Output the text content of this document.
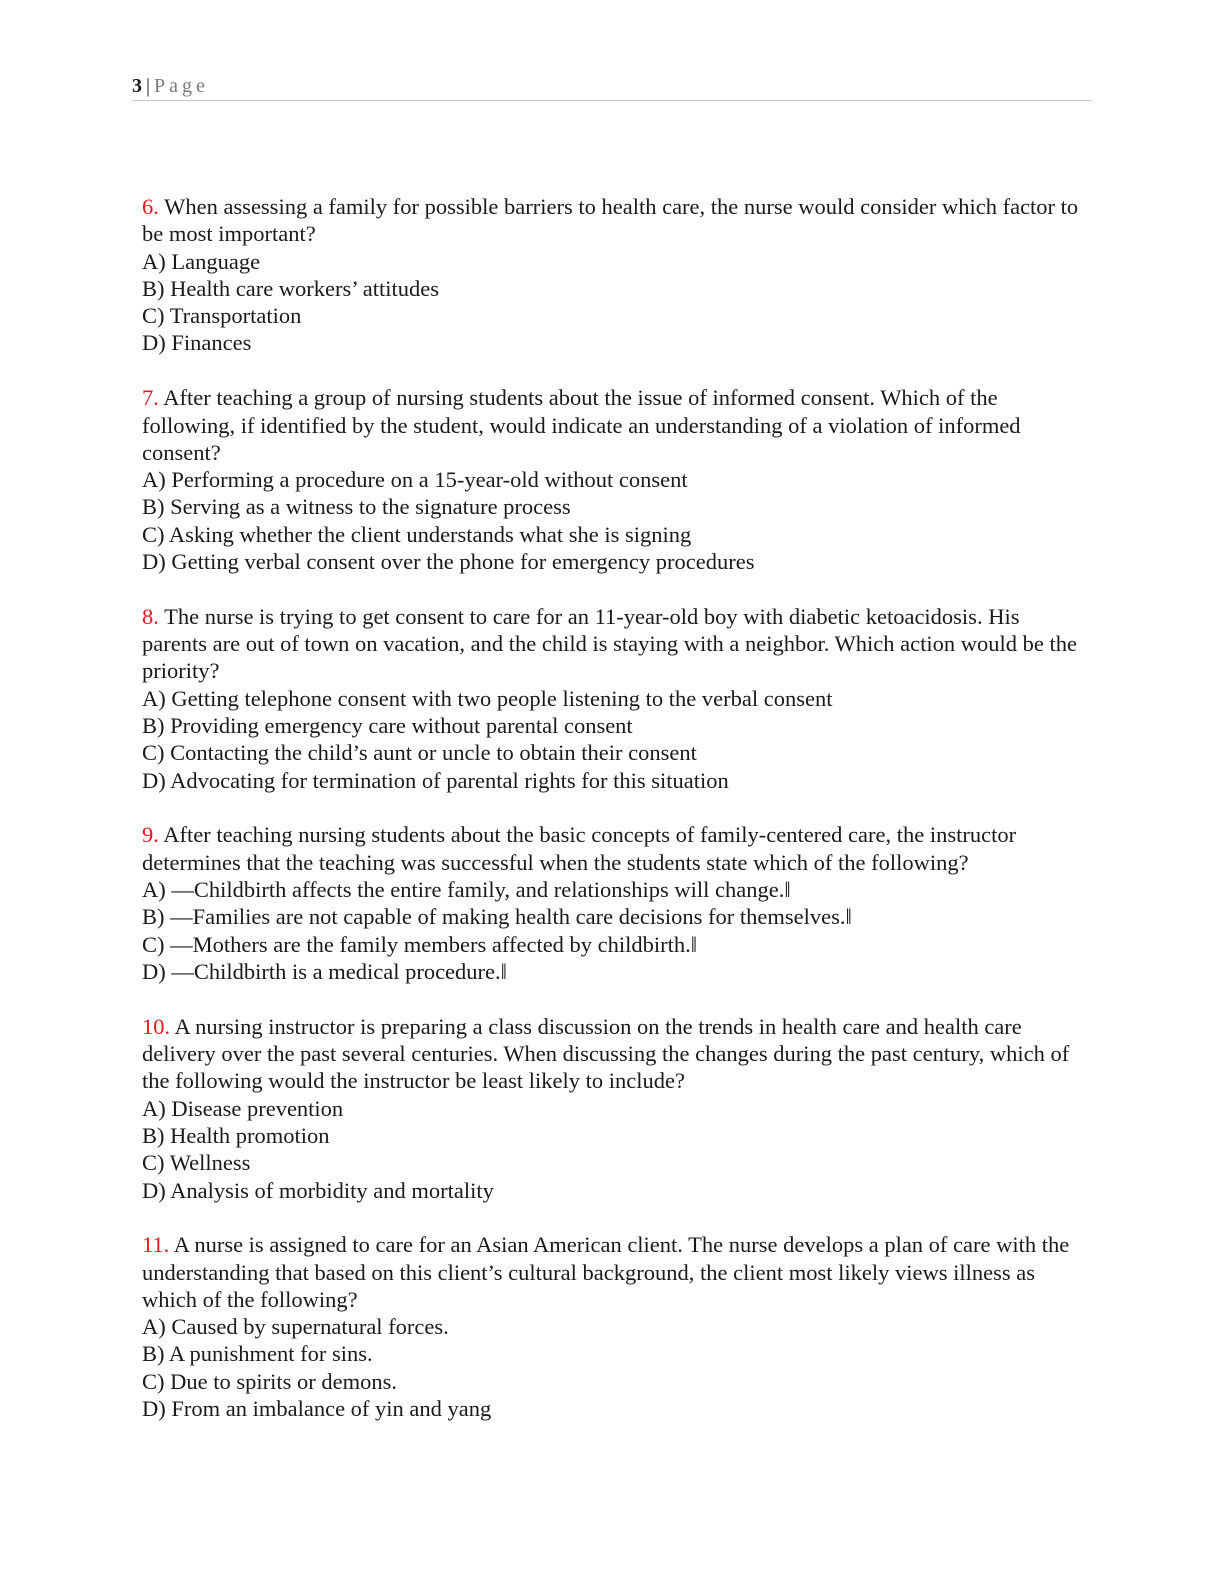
3 | Page
6. When assessing a family for possible barriers to health care, the nurse would consider which factor to be most important?
A) Language
B) Health care workers’ attitudes
C) Transportation
D) Finances
7. After teaching a group of nursing students about the issue of informed consent. Which of the following, if identified by the student, would indicate an understanding of a violation of informed consent?
A) Performing a procedure on a 15-year-old without consent
B) Serving as a witness to the signature process
C) Asking whether the client understands what she is signing
D) Getting verbal consent over the phone for emergency procedures
8. The nurse is trying to get consent to care for an 11-year-old boy with diabetic ketoacidosis. His parents are out of town on vacation, and the child is staying with a neighbor. Which action would be the priority?
A) Getting telephone consent with two people listening to the verbal consent
B) Providing emergency care without parental consent
C) Contacting the child’s aunt or uncle to obtain their consent
D) Advocating for termination of parental rights for this situation
9. After teaching nursing students about the basic concepts of family-centered care, the instructor determines that the teaching was successful when the students state which of the following?
A) ―Childbirth affects the entire family, and relationships will change.‖
B) ―Families are not capable of making health care decisions for themselves.‖
C) ―Mothers are the family members affected by childbirth.‖
D) ―Childbirth is a medical procedure.‖
10. A nursing instructor is preparing a class discussion on the trends in health care and health care delivery over the past several centuries. When discussing the changes during the past century, which of the following would the instructor be least likely to include?
A) Disease prevention
B) Health promotion
C) Wellness
D) Analysis of morbidity and mortality
11. A nurse is assigned to care for an Asian American client. The nurse develops a plan of care with the understanding that based on this client’s cultural background, the client most likely views illness as which of the following?
A) Caused by supernatural forces.
B) A punishment for sins.
C) Due to spirits or demons.
D) From an imbalance of yin and yang
